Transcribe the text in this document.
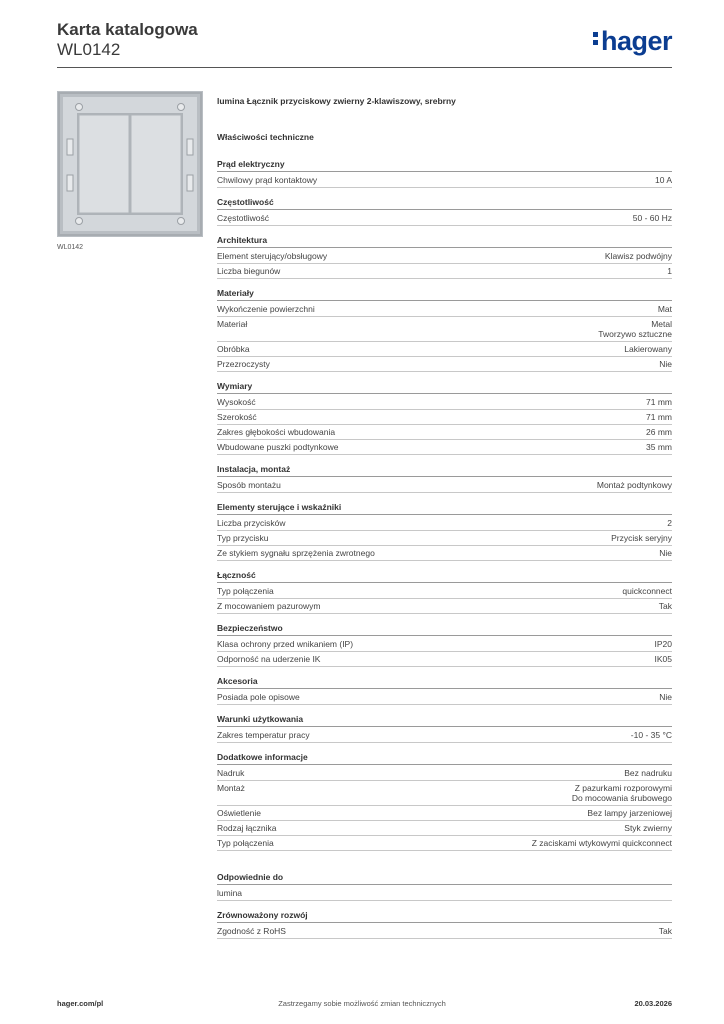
Karta katalogowa
WL0142	hager
WL0142
lumina Łącznik przyciskowy zwierny 2-klawiszowy, srebrny
Właściwości techniczne
Prąd elektryczny
Chwilowy prąd kontaktowy	10 A
Częstotliwość
Częstotliwość	50 - 60 Hz
Architektura
Element sterujący/obsługowy	Klawisz podwójny
Liczba biegunów	1
Materiały
Wykończenie powierzchni	Mat
Materiał	Metal
Tworzywo sztuczne
Obróbka	Lakierowany
Przezroczysty	Nie
Wymiary
Wysokość	71 mm
Szerokość	71 mm
Zakres głębokości wbudowania	26 mm
Wbudowane puszki podtynkowe	35 mm
Instalacja, montaż
Sposób montażu	Montaż podtynkowy
Elementy sterujące i wskaźniki
Liczba przycisków	2
Typ przycisku	Przycisk seryjny
Ze stykiem sygnału sprzężenia zwrotnego	Nie
Łączność
Typ połączenia	quickconnect
Z mocowaniem pazurowym	Tak
Bezpieczeństwo
Klasa ochrony przed wnikaniem (IP)	IP20
Odporność na uderzenie IK	IK05
Akcesoria
Posiada pole opisowe	Nie
Warunki użytkowania
Zakres temperatur pracy	-10 - 35 °C
Dodatkowe informacje
Nadruk	Bez nadruku
Montaż	Z pazurkami rozporowymi
Do mocowania śrubowego
Oświetlenie	Bez lampy jarzeniowej
Rodzaj łącznika	Styk zwierny
Typ połączenia	Z zaciskami wtykowymi quickconnect
Odpowiednie do
lumina
Zrównoważony rozwój
Zgodność z RoHS	Tak
hager.com/pl	Zastrzegamy sobie możliwość zmian technicznych	20.03.2026
